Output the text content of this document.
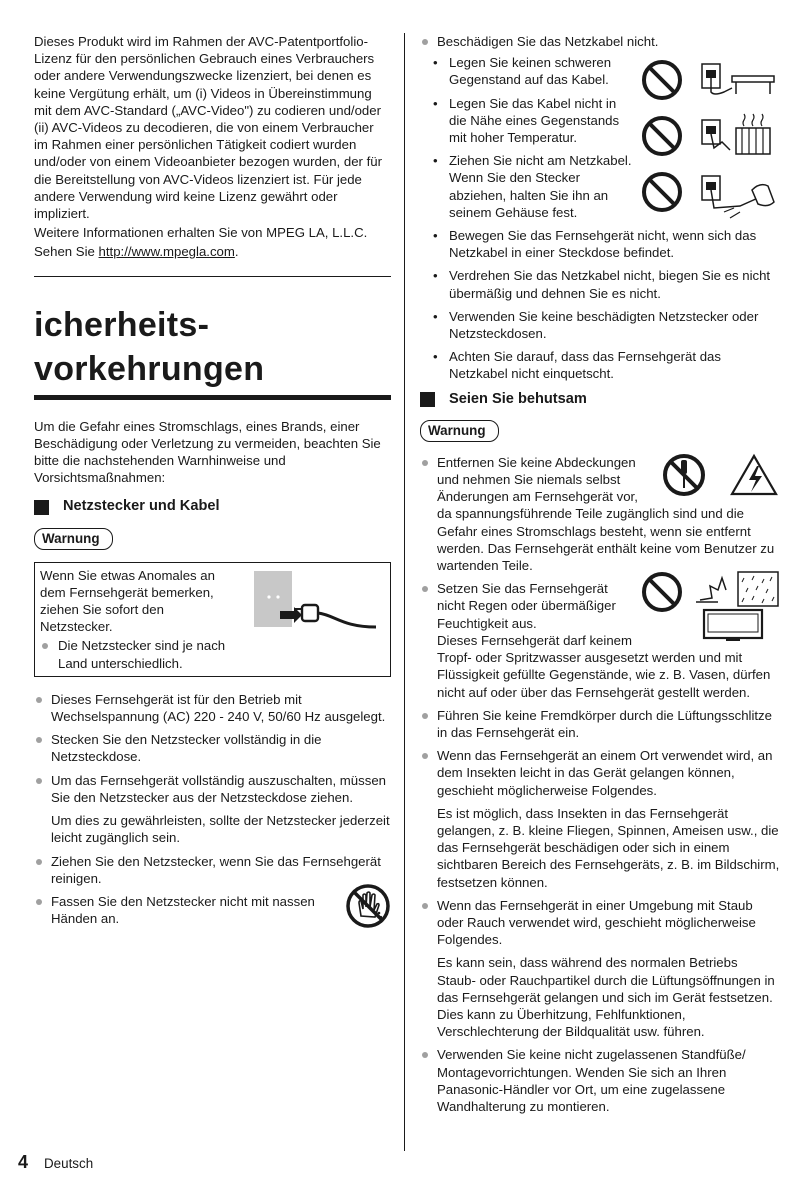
Dieses Produkt wird im Rahmen der AVC-Patentportfolio-Lizenz für den persönlichen Gebrauch eines Verbrauchers oder andere Verwendungszwecke lizenziert, bei denen es keine Vergütung erhält, um (i) Videos in Übereinstimmung mit dem AVC-Standard („AVC-Video") zu codieren und/oder (ii) AVC-Videos zu decodieren, die von einem Verbraucher im Rahmen einer persönlichen Tätigkeit codiert wurden und/oder von einem Videoanbieter bezogen wurden, der für die Bereitstellung von AVC-Videos lizenziert ist. Für jede andere Verwendung wird keine Lizenz gewährt oder impliziert.

Weitere Informationen erhalten Sie von MPEG LA, L.L.C.

Sehen Sie http://www.mpegla.com.

icherheits-
vorkehrungen

Um die Gefahr eines Stromschlags, eines Brands, einer Beschädigung oder Verletzung zu vermeiden, beachten Sie bitte die nachstehenden Warnhinweise und Vorsichtsmaßnahmen:

Netzstecker und Kabel
Warnung
Wenn Sie etwas Anomales an dem Fernsehgerät bemerken, ziehen Sie sofort den Netzstecker.
Die Netzstecker sind je nach Land unterschiedlich.
Dieses Fernsehgerät ist für den Betrieb mit Wechselspannung (AC) 220 - 240 V, 50/60 Hz ausgelegt.
Stecken Sie den Netzstecker vollständig in die Netzsteckdose.
Um das Fernsehgerät vollständig auszuschalten, müssen Sie den Netzstecker aus der Netzsteckdose ziehen.
Um dies zu gewährleisten, sollte der Netzstecker jederzeit leicht zugänglich sein.
Ziehen Sie den Netzstecker, wenn Sie das Fernsehgerät reinigen.
Fassen Sie den Netzstecker nicht mit nassen Händen an.
Beschädigen Sie das Netzkabel nicht.
• Legen Sie keinen schweren Gegenstand auf das Kabel.
• Legen Sie das Kabel nicht in die Nähe eines Gegenstands mit hoher Temperatur.
• Ziehen Sie nicht am Netzkabel. Wenn Sie den Stecker abziehen, halten Sie ihn an seinem Gehäuse fest.
• Bewegen Sie das Fernsehgerät nicht, wenn sich das Netzkabel in einer Steckdose befindet.
• Verdrehen Sie das Netzkabel nicht, biegen Sie es nicht übermäßig und dehnen Sie es nicht.
• Verwenden Sie keine beschädigten Netzstecker oder Netzsteckdosen.
• Achten Sie darauf, dass das Fernsehgerät das Netzkabel nicht einquetscht.
Seien Sie behutsam
Warnung
Entfernen Sie keine Abdeckungen und nehmen Sie niemals selbst Änderungen am Fernsehgerät vor, da spannungsführende Teile zugänglich sind und die Gefahr eines Stromschlags besteht, wenn sie entfernt werden. Das Fernsehgerät enthält keine vom Benutzer zu wartenden Teile.
Setzen Sie das Fernsehgerät nicht Regen oder übermäßiger Feuchtigkeit aus.
Dieses Fernsehgerät darf keinem Tropf- oder Spritzwasser ausgesetzt werden und mit Flüssigkeit gefüllte Gegenstände, wie z. B. Vasen, dürfen nicht auf oder über das Fernsehgerät gestellt werden.
Führen Sie keine Fremdkörper durch die Lüftungsschlitze in das Fernsehgerät ein.
Wenn das Fernsehgerät an einem Ort verwendet wird, an dem Insekten leicht in das Gerät gelangen können, geschieht möglicherweise Folgendes.
Es ist möglich, dass Insekten in das Fernsehgerät gelangen, z. B. kleine Fliegen, Spinnen, Ameisen usw., die das Fernsehgerät beschädigen oder sich in einem sichtbaren Bereich des Fernsehgeräts, z. B. im Bildschirm, festsetzen können.
Wenn das Fernsehgerät in einer Umgebung mit Staub oder Rauch verwendet wird, geschieht möglicherweise Folgendes.
Es kann sein, dass während des normalen Betriebs Staub- oder Rauchpartikel durch die Lüftungsöffnungen in das Fernsehgerät gelangen und sich im Gerät festsetzen. Dies kann zu Überhitzung, Fehlfunktionen, Verschlechterung der Bildqualität usw. führen.
Verwenden Sie keine nicht zugelassenen Standfüße/ Montagevorrichtungen. Wenden Sie sich an Ihren Panasonic-Händler vor Ort, um eine zugelassene Wandhalterung zu montieren.
4 Deutsch
